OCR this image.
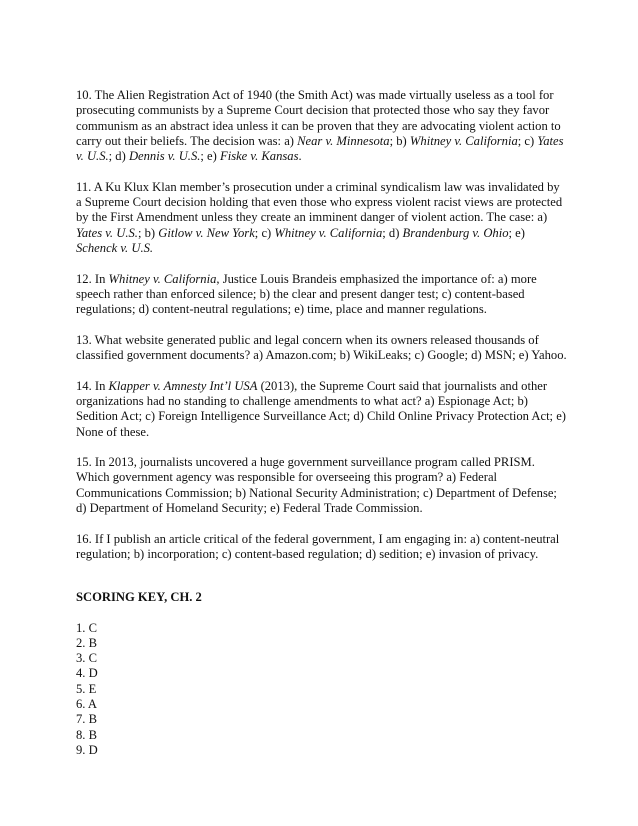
10. The Alien Registration Act of 1940 (the Smith Act) was made virtually useless as a tool for prosecuting communists by a Supreme Court decision that protected those who say they favor communism as an abstract idea unless it can be proven that they are advocating violent action to carry out their beliefs. The decision was: a) Near v. Minnesota; b) Whitney v. California; c) Yates v. U.S.; d) Dennis v. U.S.; e) Fiske v. Kansas.

11. A Ku Klux Klan member’s prosecution under a criminal syndicalism law was invalidated by a Supreme Court decision holding that even those who express violent racist views are protected by the First Amendment unless they create an imminent danger of violent action. The case: a) Yates v. U.S.; b) Gitlow v. New York; c) Whitney v. California; d) Brandenburg v. Ohio; e) Schenck v. U.S.

12. In Whitney v. California, Justice Louis Brandeis emphasized the importance of: a) more speech rather than enforced silence; b) the clear and present danger test; c) content-based regulations; d) content-neutral regulations; e) time, place and manner regulations.

13. What website generated public and legal concern when its owners released thousands of classified government documents? a) Amazon.com; b) WikiLeaks; c) Google; d) MSN; e) Yahoo.

14. In Klapper v. Amnesty Int’l USA (2013), the Supreme Court said that journalists and other organizations had no standing to challenge amendments to what act? a) Espionage Act; b) Sedition Act; c) Foreign Intelligence Surveillance Act; d) Child Online Privacy Protection Act; e) None of these.

15. In 2013, journalists uncovered a huge government surveillance program called PRISM. Which government agency was responsible for overseeing this program? a) Federal Communications Commission; b) National Security Administration; c) Department of Defense; d) Department of Homeland Security; e) Federal Trade Commission.

16. If I publish an article critical of the federal government, I am engaging in: a) content-neutral regulation; b) incorporation; c) content-based regulation; d) sedition; e) invasion of privacy.

SCORING KEY, CH. 2
1. C
2. B
3. C
4. D
5. E
6. A
7. B
8. B
9. D
